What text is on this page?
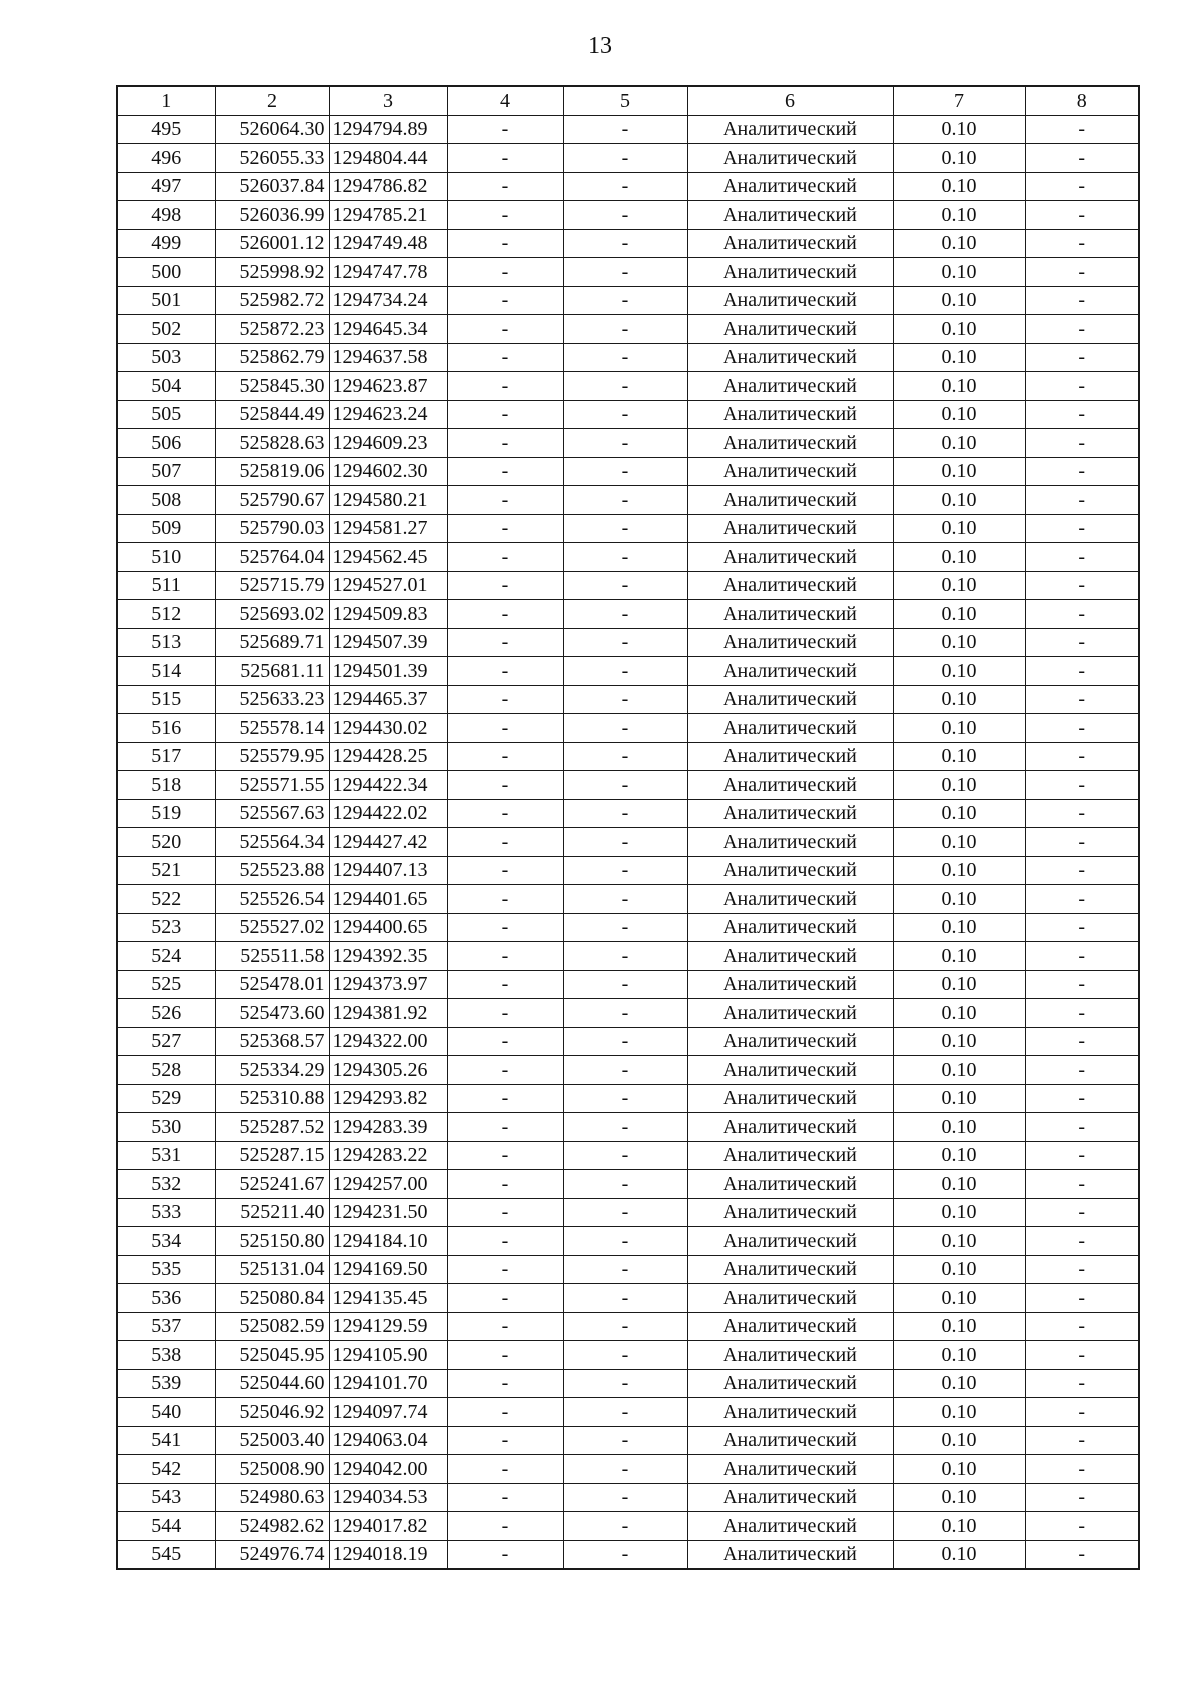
13
1	2	3	4	5	6	7	8
495	526064.30	1294794.89	-	-	Аналитический	0.10	-
496	526055.33	1294804.44	-	-	Аналитический	0.10	-
497	526037.84	1294786.82	-	-	Аналитический	0.10	-
498	526036.99	1294785.21	-	-	Аналитический	0.10	-
499	526001.12	1294749.48	-	-	Аналитический	0.10	-
500	525998.92	1294747.78	-	-	Аналитический	0.10	-
501	525982.72	1294734.24	-	-	Аналитический	0.10	-
502	525872.23	1294645.34	-	-	Аналитический	0.10	-
503	525862.79	1294637.58	-	-	Аналитический	0.10	-
504	525845.30	1294623.87	-	-	Аналитический	0.10	-
505	525844.49	1294623.24	-	-	Аналитический	0.10	-
506	525828.63	1294609.23	-	-	Аналитический	0.10	-
507	525819.06	1294602.30	-	-	Аналитический	0.10	-
508	525790.67	1294580.21	-	-	Аналитический	0.10	-
509	525790.03	1294581.27	-	-	Аналитический	0.10	-
510	525764.04	1294562.45	-	-	Аналитический	0.10	-
511	525715.79	1294527.01	-	-	Аналитический	0.10	-
512	525693.02	1294509.83	-	-	Аналитический	0.10	-
513	525689.71	1294507.39	-	-	Аналитический	0.10	-
514	525681.11	1294501.39	-	-	Аналитический	0.10	-
515	525633.23	1294465.37	-	-	Аналитический	0.10	-
516	525578.14	1294430.02	-	-	Аналитический	0.10	-
517	525579.95	1294428.25	-	-	Аналитический	0.10	-
518	525571.55	1294422.34	-	-	Аналитический	0.10	-
519	525567.63	1294422.02	-	-	Аналитический	0.10	-
520	525564.34	1294427.42	-	-	Аналитический	0.10	-
521	525523.88	1294407.13	-	-	Аналитический	0.10	-
522	525526.54	1294401.65	-	-	Аналитический	0.10	-
523	525527.02	1294400.65	-	-	Аналитический	0.10	-
524	525511.58	1294392.35	-	-	Аналитический	0.10	-
525	525478.01	1294373.97	-	-	Аналитический	0.10	-
526	525473.60	1294381.92	-	-	Аналитический	0.10	-
527	525368.57	1294322.00	-	-	Аналитический	0.10	-
528	525334.29	1294305.26	-	-	Аналитический	0.10	-
529	525310.88	1294293.82	-	-	Аналитический	0.10	-
530	525287.52	1294283.39	-	-	Аналитический	0.10	-
531	525287.15	1294283.22	-	-	Аналитический	0.10	-
532	525241.67	1294257.00	-	-	Аналитический	0.10	-
533	525211.40	1294231.50	-	-	Аналитический	0.10	-
534	525150.80	1294184.10	-	-	Аналитический	0.10	-
535	525131.04	1294169.50	-	-	Аналитический	0.10	-
536	525080.84	1294135.45	-	-	Аналитический	0.10	-
537	525082.59	1294129.59	-	-	Аналитический	0.10	-
538	525045.95	1294105.90	-	-	Аналитический	0.10	-
539	525044.60	1294101.70	-	-	Аналитический	0.10	-
540	525046.92	1294097.74	-	-	Аналитический	0.10	-
541	525003.40	1294063.04	-	-	Аналитический	0.10	-
542	525008.90	1294042.00	-	-	Аналитический	0.10	-
543	524980.63	1294034.53	-	-	Аналитический	0.10	-
544	524982.62	1294017.82	-	-	Аналитический	0.10	-
545	524976.74	1294018.19	-	-	Аналитический	0.10	-
